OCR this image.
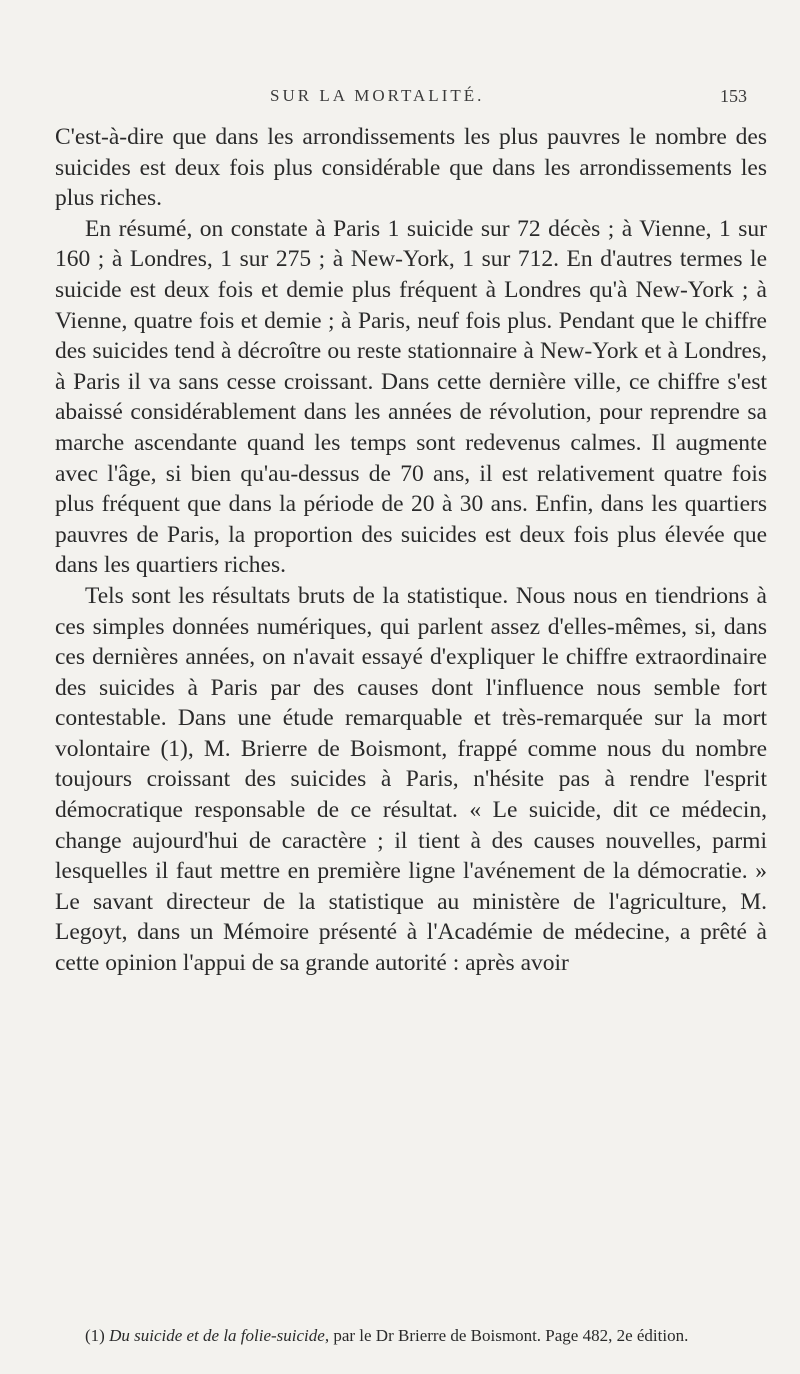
SUR LA MORTALITÉ.	153

C'est-à-dire que dans les arrondissements les plus pauvres le nombre des suicides est deux fois plus considérable que dans les arrondissements les plus riches.

En résumé, on constate à Paris 1 suicide sur 72 décès ; à Vienne, 1 sur 160 ; à Londres, 1 sur 275 ; à New-York, 1 sur 712. En d'autres termes le suicide est deux fois et demie plus fréquent à Londres qu'à New-York ; à Vienne, quatre fois et demie ; à Paris, neuf fois plus. Pendant que le chiffre des suicides tend à décroître ou reste stationnaire à New-York et à Londres, à Paris il va sans cesse croissant. Dans cette dernière ville, ce chiffre s'est abaissé considérablement dans les années de révolution, pour reprendre sa marche ascendante quand les temps sont redevenus calmes. Il augmente avec l'âge, si bien qu'au-dessus de 70 ans, il est relativement quatre fois plus fréquent que dans la période de 20 à 30 ans. Enfin, dans les quartiers pauvres de Paris, la proportion des suicides est deux fois plus élevée que dans les quartiers riches.

Tels sont les résultats bruts de la statistique. Nous nous en tiendrions à ces simples données numériques, qui parlent assez d'elles-mêmes, si, dans ces dernières années, on n'avait essayé d'expliquer le chiffre extraordinaire des suicides à Paris par des causes dont l'influence nous semble fort contestable. Dans une étude remarquable et très-remarquée sur la mort volontaire (1), M. Brierre de Boismont, frappé comme nous du nombre toujours croissant des suicides à Paris, n'hésite pas à rendre l'esprit démocratique responsable de ce résultat. « Le suicide, dit ce médecin, change aujourd'hui de caractère ; il tient à des causes nouvelles, parmi lesquelles il faut mettre en première ligne l'avénement de la démocratie. » Le savant directeur de la statistique au ministère de l'agriculture, M. Legoyt, dans un Mémoire présenté à l'Académie de médecine, a prêté à cette opinion l'appui de sa grande autorité : après avoir

(1) Du suicide et de la folie-suicide, par le Dr Brierre de Boismont. Page 482, 2e édition.
